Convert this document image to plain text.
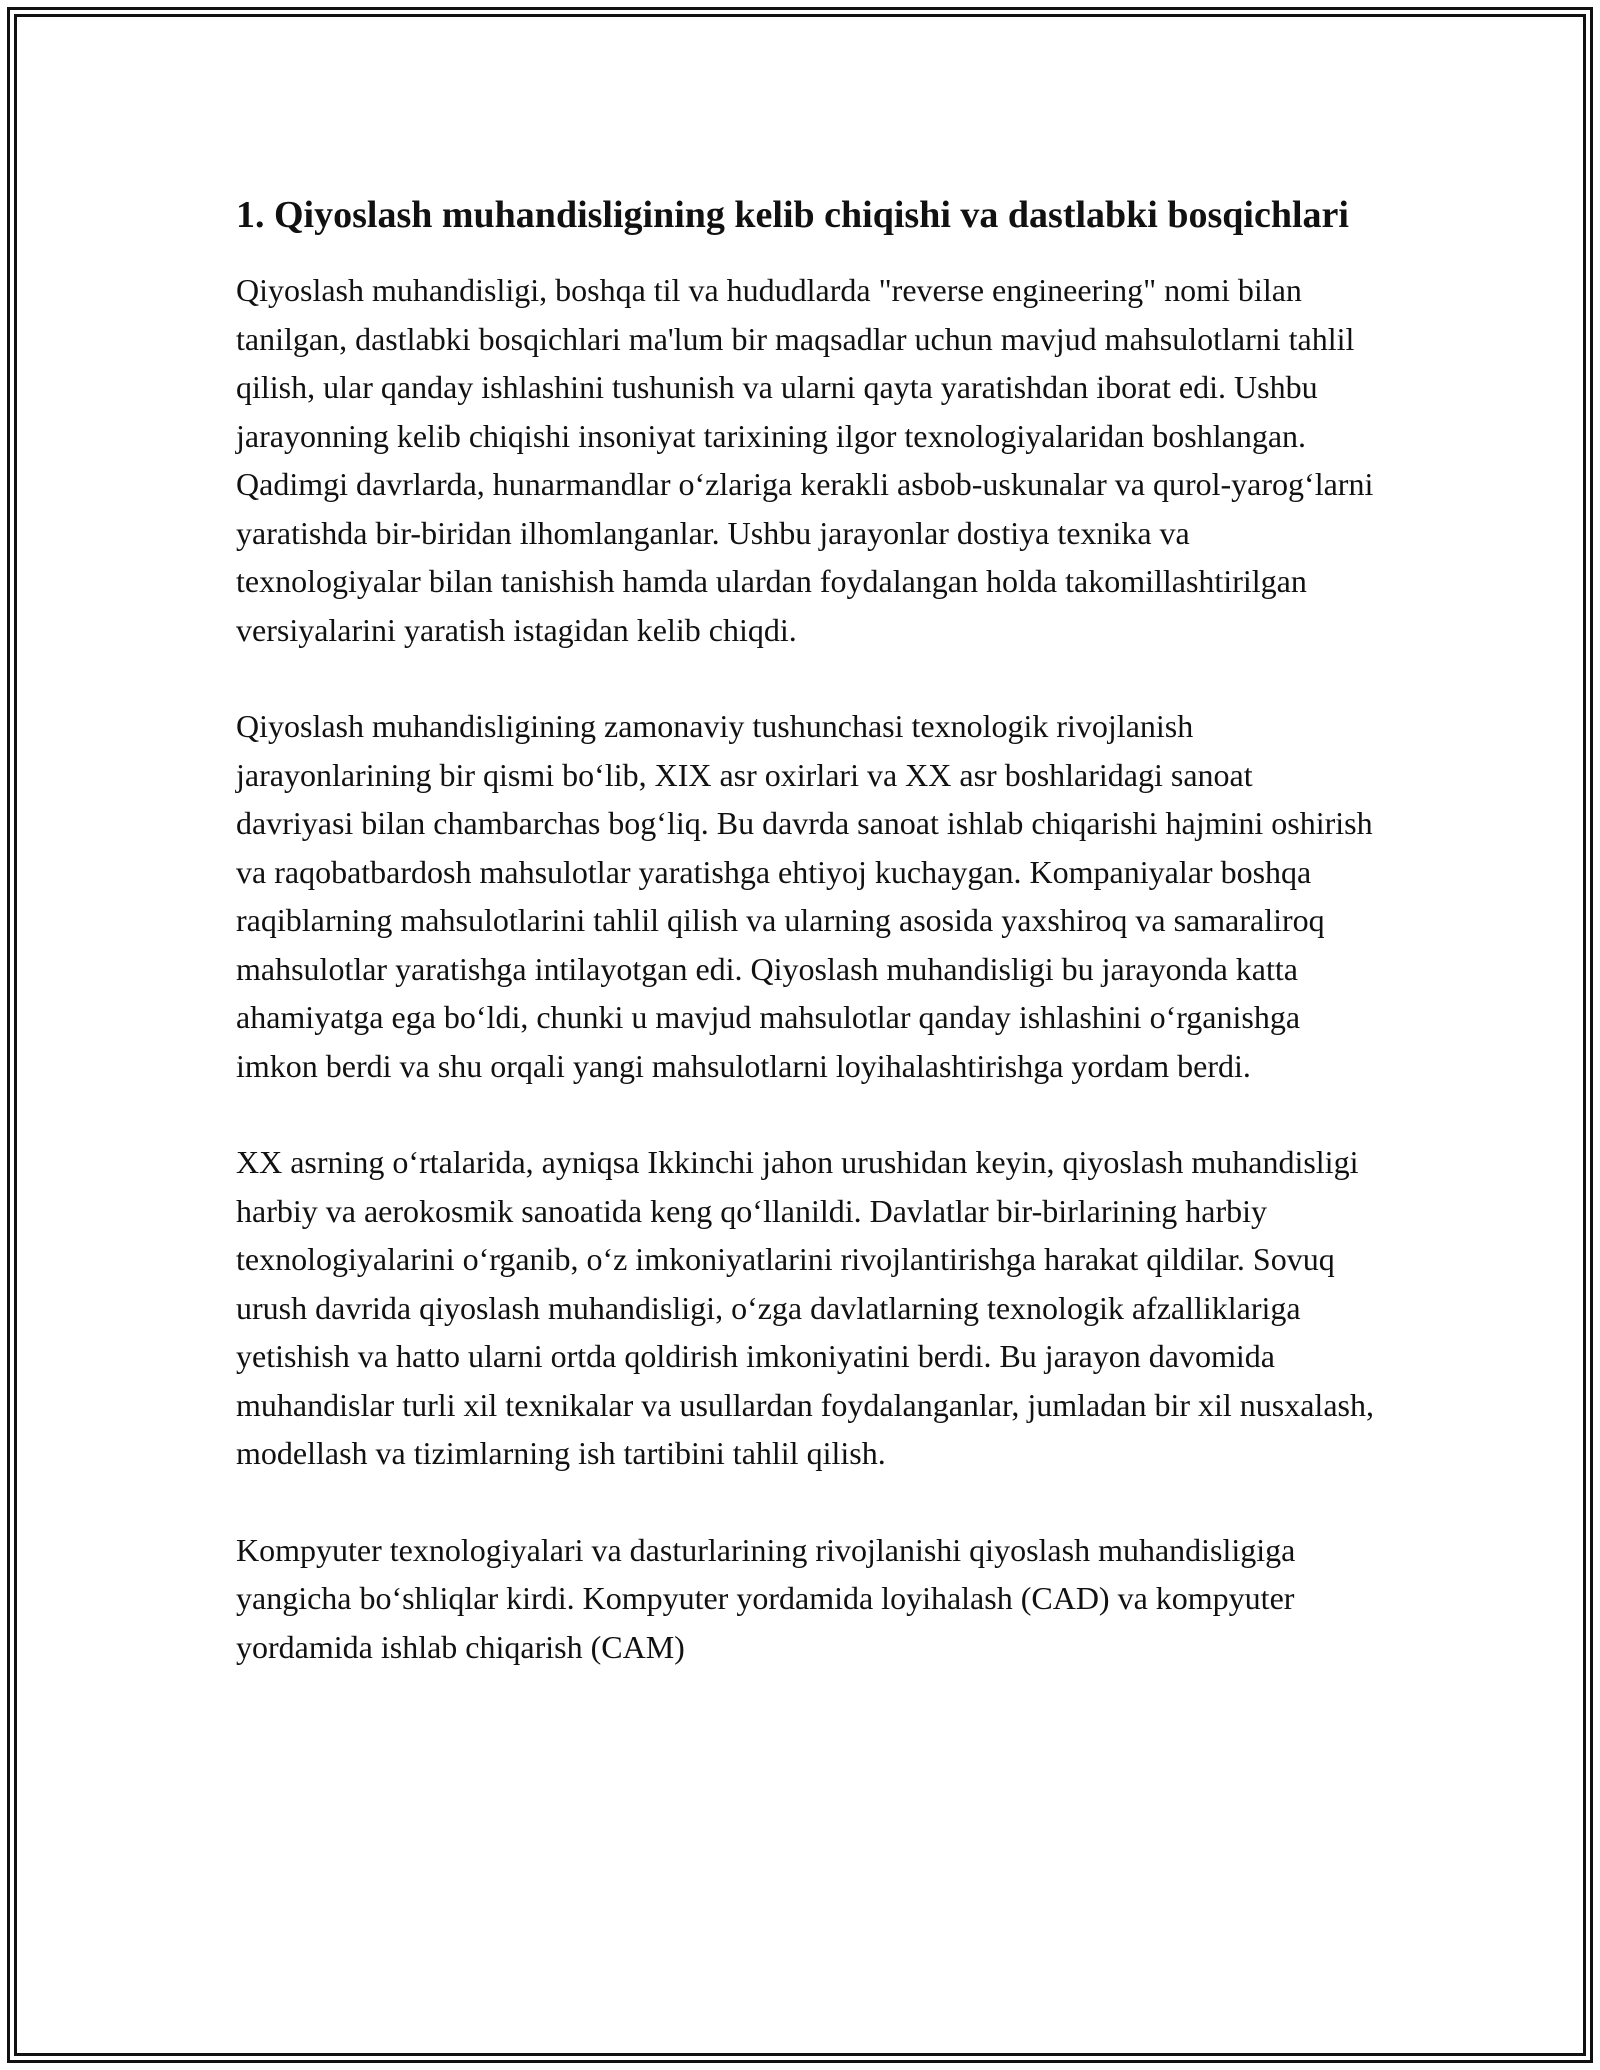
1. Qiyoslash muhandisligining kelib chiqishi va dastlabki bosqichlari

Qiyoslash muhandisligi, boshqa til va hududlarda "reverse engineering" nomi bilan tanilgan, dastlabki bosqichlari ma'lum bir maqsadlar uchun mavjud mahsulotlarni tahlil qilish, ular qanday ishlashini tushunish va ularni qayta yaratishdan iborat edi. Ushbu jarayonning kelib chiqishi insoniyat tarixining ilgor texnologiyalaridan boshlangan. Qadimgi davrlarda, hunarmandlar o‘zlariga kerakli asbob-uskunalar va qurol-yarog‘larni yaratishda bir-biridan ilhomlanganlar. Ushbu jarayonlar dostiya texnika va texnologiyalar bilan tanishish hamda ulardan foydalangan holda takomillashtirilgan versiyalarini yaratish istagidan kelib chiqdi.

Qiyoslash muhandisligining zamonaviy tushunchasi texnologik rivojlanish jarayonlarining bir qismi bo‘lib, XIX asr oxirlari va XX asr boshlaridagi sanoat davriyasi bilan chambarchas bog‘liq. Bu davrda sanoat ishlab chiqarishi hajmini oshirish va raqobatbardosh mahsulotlar yaratishga ehtiyoj kuchaygan. Kompaniyalar boshqa raqiblarning mahsulotlarini tahlil qilish va ularning asosida yaxshiroq va samaraliroq mahsulotlar yaratishga intilayotgan edi. Qiyoslash muhandisligi bu jarayonda katta ahamiyatga ega bo‘ldi, chunki u mavjud mahsulotlar qanday ishlashini o‘rganishga imkon berdi va shu orqali yangi mahsulotlarni loyihalashtirishga yordam berdi.

XX asrning o‘rtalarida, ayniqsa Ikkinchi jahon urushidan keyin, qiyoslash muhandisligi harbiy va aerokosmik sanoatida keng qo‘llanildi. Davlatlar bir-birlarining harbiy texnologiyalarini o‘rganib, o‘z imkoniyatlarini rivojlantirishga harakat qildilar. Sovuq urush davrida qiyoslash muhandisligi, o‘zga davlatlarning texnologik afzalliklariga yetishish va hatto ularni ortda qoldirish imkoniyatini berdi. Bu jarayon davomida muhandislar turli xil texnikalar va usullardan foydalanganlar, jumladan bir xil nusxalash, modellash va tizimlarning ish tartibini tahlil qilish.

Kompyuter texnologiyalari va dasturlarining rivojlanishi qiyoslash muhandisligiga yangicha bo‘shliqlar kirdi. Kompyuter yordamida loyihalash (CAD) va kompyuter yordamida ishlab chiqarish (CAM)
